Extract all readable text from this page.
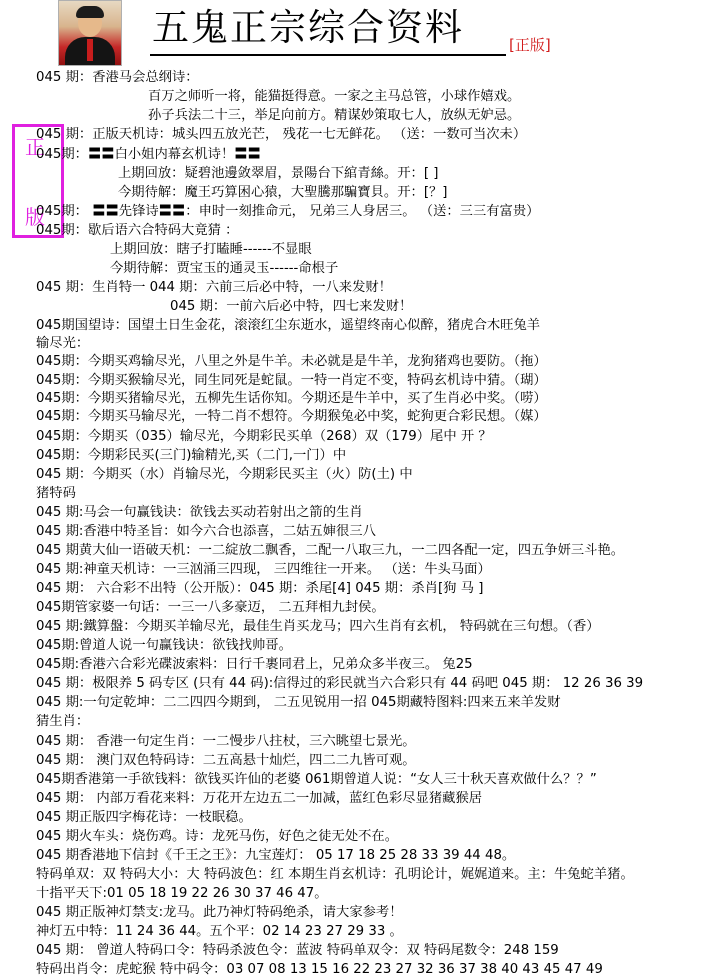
五鬼正宗综合资料	[正版]
正
版
045 期：香港马会总纲诗：
百万之师听一将，能猫挺得意。一家之主马总管，小球作嬉戏。
孙子兵法二十三，举足向前方。精谋妙策取七人，放纵无妒忌。
045 期：正版天机诗：城头四五放光芒， 残花一七无鲜花。 （送：一数可当次未）
045期：〓〓白小姐内幕玄机诗！〓〓
上期回放：疑碧池邊敛翠眉，景陽台下綰青絲。开：[ ]
今期待解：魔王巧算困心猿，大聖騰那騙寶貝。开：[？]
045期： 〓〓先锋诗〓〓：申时一刻推命元， 兄弟三人身居三。 （送：三三有富贵）
045期：歇后语六合特码大竟猜 ：
上期回放：瞎子打瞌睡------不显眼
今期待解：贾宝玉的通灵玉------命根子
045 期：生肖特一 044 期：六前三后必中特，一八来发财！
045 期：一前六后必中特，四七来发财！
045期国望诗：国望土日生金花，滚滚红尘东逝水，遥望终南心似醉，猪虎合木旺兔羊
输尽光：
045期：今期买鸡输尽光，八里之外是牛羊。未必就是是牛羊，龙狗猪鸡也要防。（拖）
045期：今期买猴输尽光，同生同死是蛇鼠。一特一肖定不变，特码玄机诗中猜。（瑚）
045期：今期买猪输尽光，五柳先生话你知。今期还是牛羊中，买了生肖必中奖。（唠）
045期：今期买马输尽光，一特二肖不想符。今期猴兔必中奖，蛇狗更合彩民想。（媒）
045期：今期买（035）输尽光，今期彩民买单（268）双（179）尾中 开 ？
045期：今期彩民买(三门)输精光,买（二门,一门）中
045 期：今期买（水）肖输尽光，今期彩民买主（火）防(土) 中
猪特码
045 期:马会一句赢钱诀：欲钱去买动若射出之箭的生肖
045 期:香港中特圣旨：如今六合也添喜，二姑五婶很三八
045 期黄大仙一语破天机：一二綻放二飘香，二配一八取三九，一二四各配一定，四五争妍三斗艳。
045 期:神童天机诗：一三汹涌三四现， 三四维往一开来。 （送：牛头马面）
045 期： 六合彩不出特（公开版）：045 期：杀尾[4] 045 期：杀肖[狗 马 ]
045期管家婆一句话：一三一八多豪迈， 二五拜相九封侯。
045 期:鐵算盤：今期买羊输尽光，最佳生肖买龙马；四六生肖有玄机， 特码就在三句想。（香）
045期:曾道人说一句赢钱诀：欲钱找帅哥。
045期:香港六合彩光碟波索料：日行千裹同君上，兄弟众多半夜三。 兔25
045 期：极限养 5 码专区 (只有 44 码):信得过的彩民就当六合彩只有 44 码吧 045 期： 12 26 36 39
045 期:一句定乾坤：二二四四今期到， 二五见锐用一招 045期藏特图料:四来五来羊发财
猜生肖：
045 期： 香港一句定生肖：一二慢步八拄杖，三六眺望七景光。
045 期： 澳门双色特码诗：二五高悬十灿烂，四二二九皆可观。
045期香港第一手欲钱料：欲钱买许仙的老婆 061期曾道人说：“女人三十秋天喜欢做什么？？”
045 期： 内部万看花来料：万花开左边五二一加减，蓝红色彩尽显猪藏猴居
045 期正版四字梅花诗：一枝眠稳。
045 期火车头：烧伤鸡。诗：龙死马伤，好色之徒无处不在。
045 期香港地下信封《千王之王》：九宝莲灯： 05 17 18 25 28 33 39 44 48。
特码单双：双 特码大小：大 特码波色：红 本期生肖玄机诗：孔明论计，娓娓道来。主：牛兔蛇羊猪。
十指平天下:01 05 18 19 22 26 30 37 46 47。
045 期正版神灯禁支:龙马。此乃神灯特码绝杀，请大家参考！
神灯五中特：11 24 36 44。五个平：02 14 23 27 29 33 。
045 期： 曾道人特码口令：特码杀波色令：蓝波 特码单双令：双 特码尾数令：248 159
特码出肖令：虎蛇猴 特中码令：03 07 08 13 15 16 22 23 27 32 36 37 38 40 43 45 47 49
